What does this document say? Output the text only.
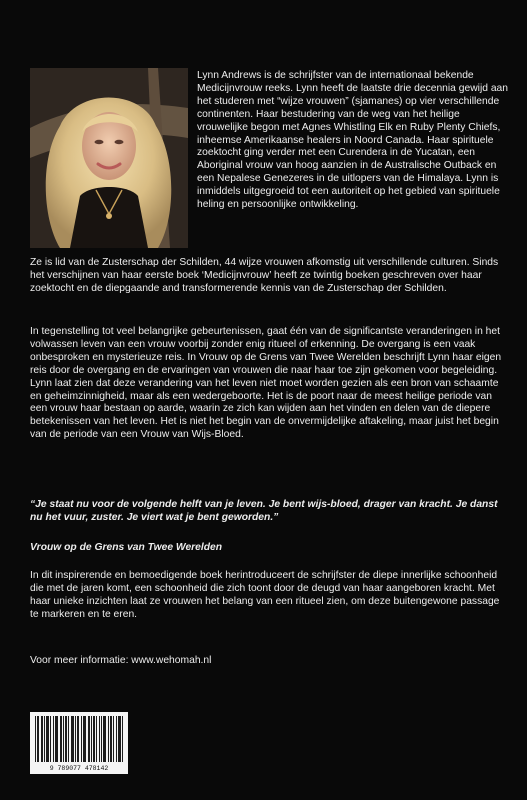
Lynn Andrews is de schrijfster van de internationaal bekende Medicijnvrouw reeks. Lynn heeft de laatste drie decennia gewijd aan het studeren met “wijze vrouwen” (sjamanes) op vier verschillende continenten. Haar bestudering van de weg van het heilige vrouwelijke begon met Agnes Whistling Elk en Ruby Plenty Chiefs, inheemse Amerikaanse healers in Noord Canada. Haar spirituele zoektocht ging verder met een Curendera in de Yucatan, een Aboriginal vrouw van hoog aanzien in de Australische Outback en een Nepalese Genezeres in de uitlopers van de Himalaya. Lynn is inmiddels uitgegroeid tot een autoriteit op het gebied van spirituele heling en persoonlijke ontwikkeling.

Ze is lid van de Zusterschap der Schilden, 44 wijze vrouwen afkomstig uit verschillende culturen. Sinds het verschijnen van haar eerste boek ‘Medicijnvrouw’ heeft ze twintig boeken geschreven over haar zoektocht en de diepgaande and transformerende kennis van de Zusterschap der Schilden.

In tegenstelling tot veel belangrijke gebeurtenissen, gaat één van de significantste veranderingen in het volwassen leven van een vrouw voorbij zonder enig ritueel of erkenning. De overgang is een vaak onbesproken en mysterieuze reis. In Vrouw op de Grens van Twee Werelden beschrijft Lynn haar eigen reis door de overgang en de ervaringen van vrouwen die naar haar toe zijn gekomen voor begeleiding. Lynn laat zien dat deze verandering van het leven niet moet worden gezien als een bron van schaamte en geheimzinnigheid, maar als een wedergeboorte. Het is de poort naar de meest heilige periode van een vrouw haar bestaan op aarde, waarin ze zich kan wijden aan het vinden en delen van de diepere betekenissen van het leven. Het is niet het begin van de onvermijdelijke aftakeling, maar juist het begin van de periode van een Vrouw van Wijs-Bloed.

“Je staat nu voor de volgende helft van je leven. Je bent wijs-bloed, drager van kracht. Je danst nu het vuur, zuster. Je viert wat je bent geworden.”

Vrouw op de Grens van Twee Werelden

In dit inspirerende en bemoedigende boek herintroduceert de schrijfster de diepe innerlijke schoonheid die met de jaren komt, een schoonheid die zich toont door de deugd van haar aangeboren kracht. Met haar unieke inzichten laat ze vrouwen het belang van een ritueel zien, om deze buitengewone passage te markeren en te eren.

Voor meer informatie: www.wehomah.nl

9 789077 478142
